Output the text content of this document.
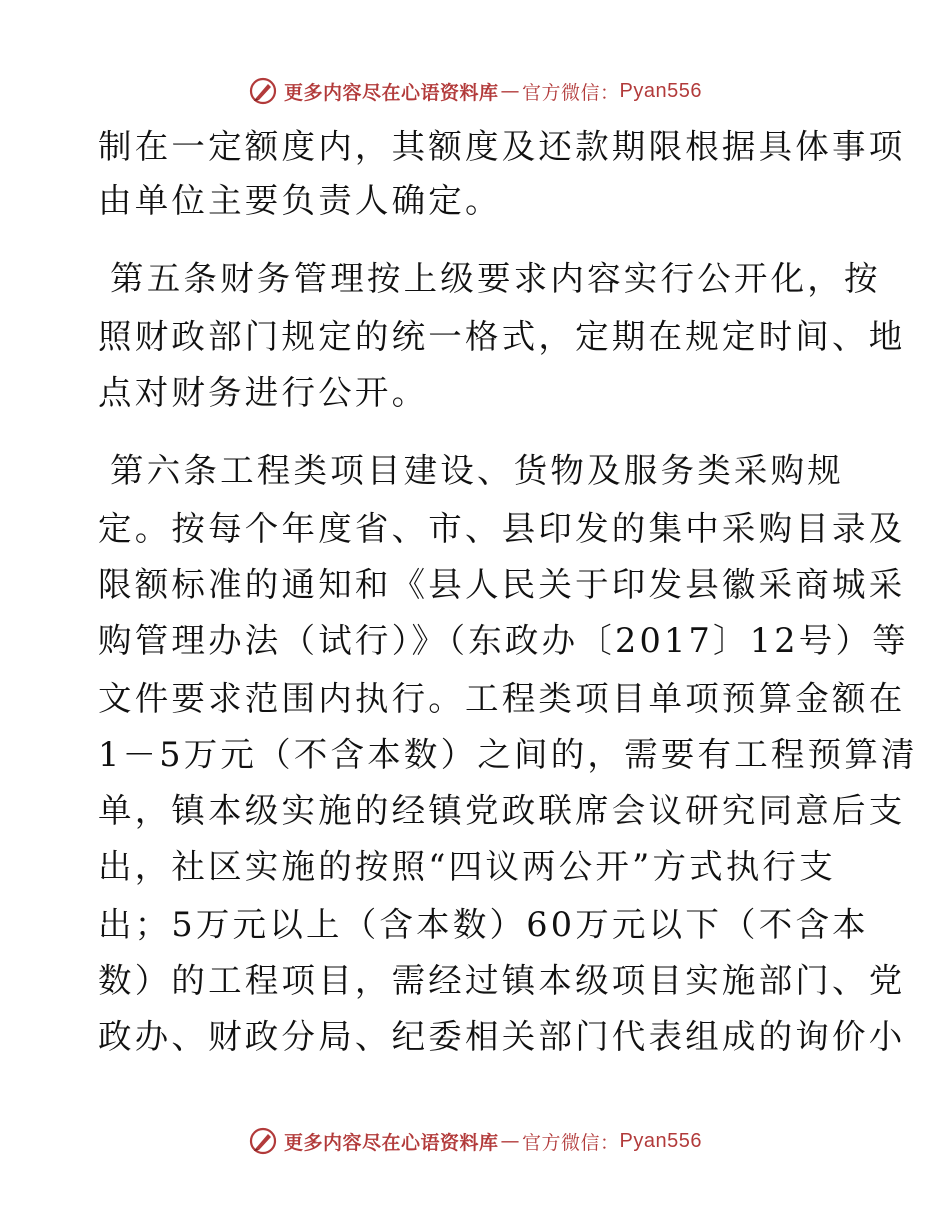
更多内容尽在心语资料库 — 官方微信： Pyan556
制在一定额度内，其额度及还款期限根据具体事项
由单位主要负责人确定。
第五条财务管理按上级要求内容实行公开化，按
照财政部门规定的统一格式，定期在规定时间、地
点对财务进行公开。
第六条工程类项目建设、货物及服务类采购规
定。按每个年度省、市、县印发的集中采购目录及
限额标准的通知和《县人民关于印发县徽采商城采
购管理办法（试行）》（东政办〔2017〕12号）等
文件要求范围内执行。工程类项目单项预算金额在
1－5万元（不含本数）之间的，需要有工程预算清
单，镇本级实施的经镇党政联席会议研究同意后支
出，社区实施的按照“四议两公开”方式执行支
出；5万元以上（含本数）60万元以下（不含本
数）的工程项目，需经过镇本级项目实施部门、党
政办、财政分局、纪委相关部门代表组成的询价小
更多内容尽在心语资料库 — 官方微信： Pyan556
